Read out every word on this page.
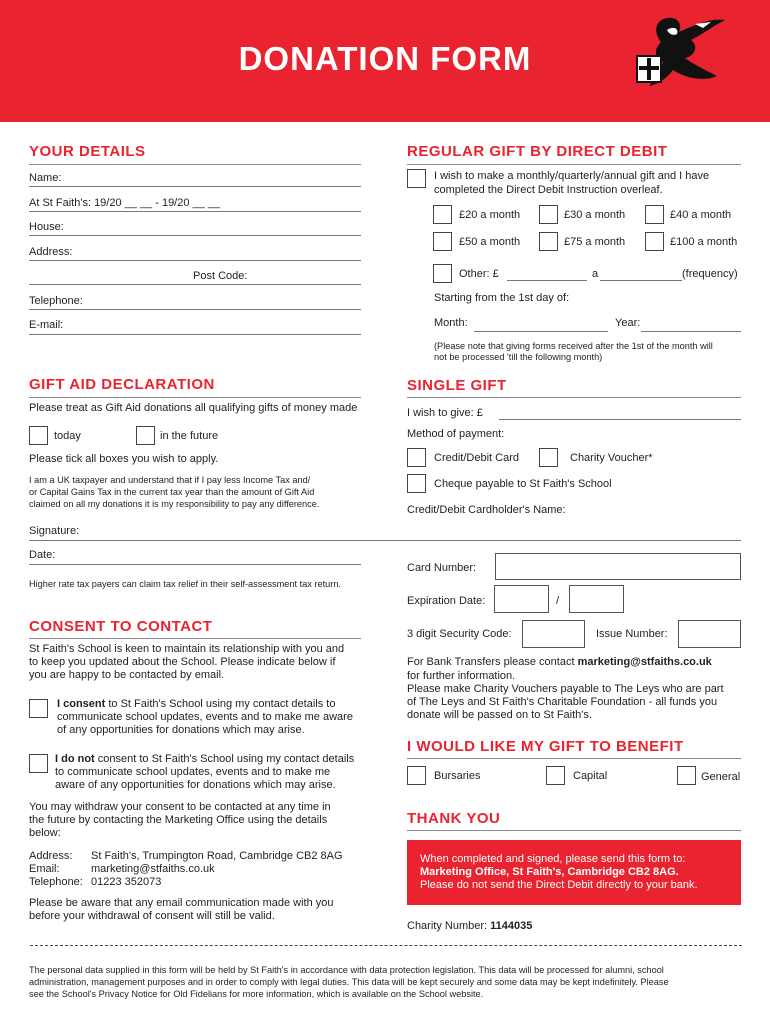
DONATION FORM
YOUR DETAILS
Name:
At St Faith's: 19/20 __ __ - 19/20 __ __
House:
Address:
Post Code:
Telephone:
E-mail:
REGULAR GIFT BY DIRECT DEBIT
I wish to make a monthly/quarterly/annual gift and I have
completed the Direct Debit Instruction overleaf.
£20 a month	£30 a month	£40 a month
£50 a month	£75 a month	£100 a month
Other: £	a	(frequency)
Starting from the 1st day of:
Month:	Year:
(Please note that giving forms received after the 1st of the month will
not be processed 'till the following month)
GIFT AID DECLARATION
Please treat as Gift Aid donations all qualifying gifts of money made
today	in the future
Please tick all boxes you wish to apply.
I am a UK taxpayer and understand that if I pay less Income Tax and/
or Capital Gains Tax in the current tax year than the amount of Gift Aid
claimed on all my donations it is my responsibility to pay any difference.
Signature:
Date:
Higher rate tax payers can claim tax relief in their self-assessment tax return.
SINGLE GIFT
I wish to give: £
Method of payment:
Credit/Debit Card	Charity Voucher*
Cheque payable to St Faith's School
Credit/Debit Cardholder's Name:
Card Number:
Expiration Date:	/
3 digit Security Code:	Issue Number:
For Bank Transfers please contact marketing@stfaiths.co.uk
for further information.
Please make Charity Vouchers payable to The Leys who are part
of The Leys and St Faith's Charitable Foundation - all funds you
donate will be passed on to St Faith's.
CONSENT TO CONTACT
St Faith's School is keen to maintain its relationship with you and
to keep you updated about the School. Please indicate below if
you are happy to be contacted by email.
I consent to St Faith's School using my contact details to
communicate school updates, events and to make me aware
of any opportunities for donations which may arise.
I do not consent to St Faith's School using my contact details
to communicate school updates, events and to make me
aware of any opportunities for donations which may arise.
You may withdraw your consent to be contacted at any time in
the future by contacting the Marketing Office using the details
below:
Address: St Faith's, Trumpington Road, Cambridge CB2 8AG
Email:	marketing@stfaiths.co.uk
Telephone: 01223 352073
Please be aware that any email communication made with you
before your withdrawal of consent will still be valid.
I WOULD LIKE MY GIFT TO BENEFIT
Bursaries	Capital	General
THANK YOU
When completed and signed, please send this form to:
Marketing Office, St Faith's, Cambridge CB2 8AG.
Please do not send the Direct Debit directly to your bank.
Charity Number: 1144035
The personal data supplied in this form will be held by St Faith's in accordance with data protection legislation. This data will be processed for alumni, school
administration, management purposes and in order to comply with legal duties. This data will be kept securely and some data may be kept indefinitely. Please
see the School's Privacy Notice for Old Fidelians for more information, which is available on the School website.
